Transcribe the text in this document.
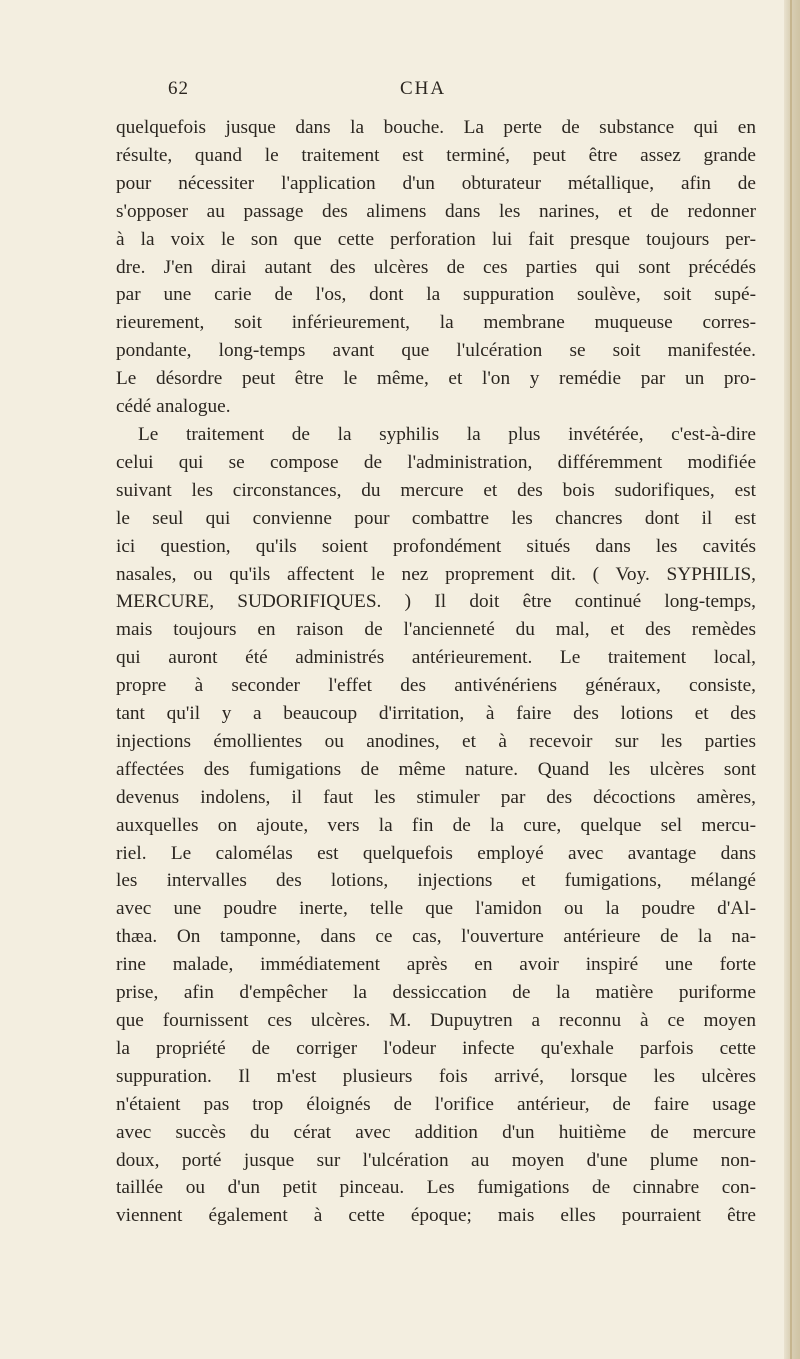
62	CHA
quelquefois jusque dans la bouche. La perte de substance qui en
résulte, quand le traitement est terminé, peut être assez grande
pour nécessiter l'application d'un obturateur métallique, afin de
s'opposer au passage des alimens dans les narines, et de redonner
à la voix le son que cette perforation lui fait presque toujours per-
dre. J'en dirai autant des ulcères de ces parties qui sont précédés
par une carie de l'os, dont la suppuration soulève, soit supé-
rieurement, soit inférieurement, la membrane muqueuse corres-
pondante, long-temps avant que l'ulcération se soit manifestée.
Le désordre peut être le même, et l'on y remédie par un pro-
cédé analogue.
Le traitement de la syphilis la plus invétérée, c'est-à-dire
celui qui se compose de l'administration, différemment modifiée
suivant les circonstances, du mercure et des bois sudorifiques, est
le seul qui convienne pour combattre les chancres dont il est
ici question, qu'ils soient profondément situés dans les cavités
nasales, ou qu'ils affectent le nez proprement dit. ( Voy. SYPHILIS,
MERCURE, SUDORIFIQUES. ) Il doit être continué long-temps,
mais toujours en raison de l'ancienneté du mal, et des remèdes
qui auront été administrés antérieurement. Le traitement local,
propre à seconder l'effet des antivénériens généraux, consiste,
tant qu'il y a beaucoup d'irritation, à faire des lotions et des
injections émollientes ou anodines, et à recevoir sur les parties
affectées des fumigations de même nature. Quand les ulcères sont
devenus indolens, il faut les stimuler par des décoctions amères,
auxquelles on ajoute, vers la fin de la cure, quelque sel mercu-
riel. Le calomélas est quelquefois employé avec avantage dans
les intervalles des lotions, injections et fumigations, mélangé
avec une poudre inerte, telle que l'amidon ou la poudre d'Al-
thæa. On tamponne, dans ce cas, l'ouverture antérieure de la na-
rine malade, immédiatement après en avoir inspiré une forte
prise, afin d'empêcher la dessiccation de la matière puriforme
que fournissent ces ulcères. M. Dupuytren a reconnu à ce moyen
la propriété de corriger l'odeur infecte qu'exhale parfois cette
suppuration. Il m'est plusieurs fois arrivé, lorsque les ulcères
n'étaient pas trop éloignés de l'orifice antérieur, de faire usage
avec succès du cérat avec addition d'un huitième de mercure
doux, porté jusque sur l'ulcération au moyen d'une plume non-
taillée ou d'un petit pinceau. Les fumigations de cinnabre con-
viennent également à cette époque; mais elles pourraient être
